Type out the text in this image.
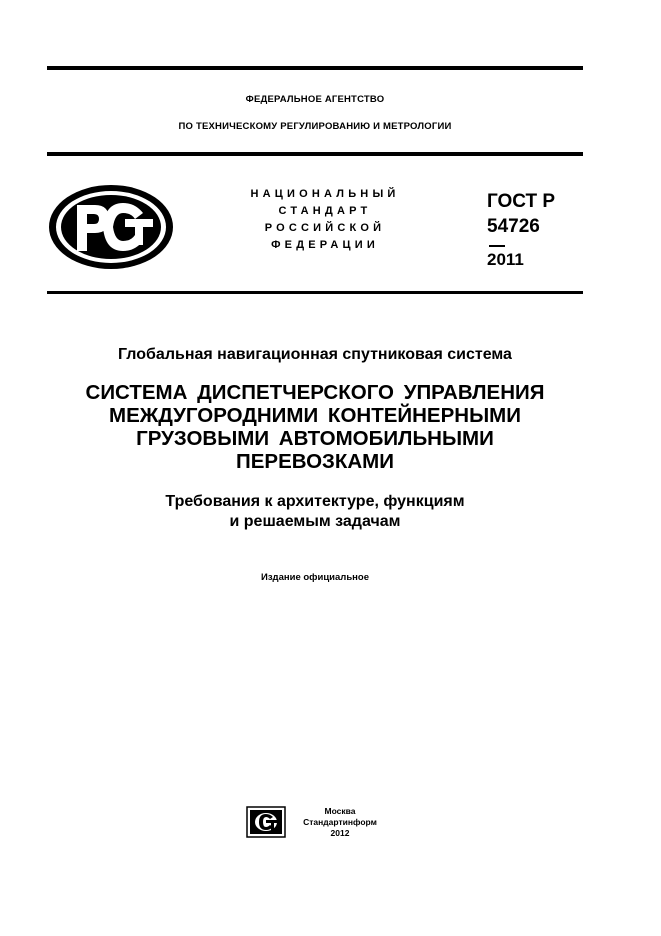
ФЕДЕРАЛЬНОЕ АГЕНТСТВО
ПО ТЕХНИЧЕСКОМУ РЕГУЛИРОВАНИЮ И МЕТРОЛОГИИ
НАЦИОНАЛЬНЫЙ
СТАНДАРТ
РОССИЙСКОЙ
ФЕДЕРАЦИИ
ГОСТ Р
54726
2011
Глобальная навигационная спутниковая система
СИСТЕМА ДИСПЕТЧЕРСКОГО УПРАВЛЕНИЯ
МЕЖДУГОРОДНИМИ КОНТЕЙНЕРНЫМИ
ГРУЗОВЫМИ АВТОМОБИЛЬНЫМИ
ПЕРЕВОЗКАМИ
Требования к архитектуре, функциям
и решаемым задачам
Издание официальное
Москва
Стандартинформ
2012
